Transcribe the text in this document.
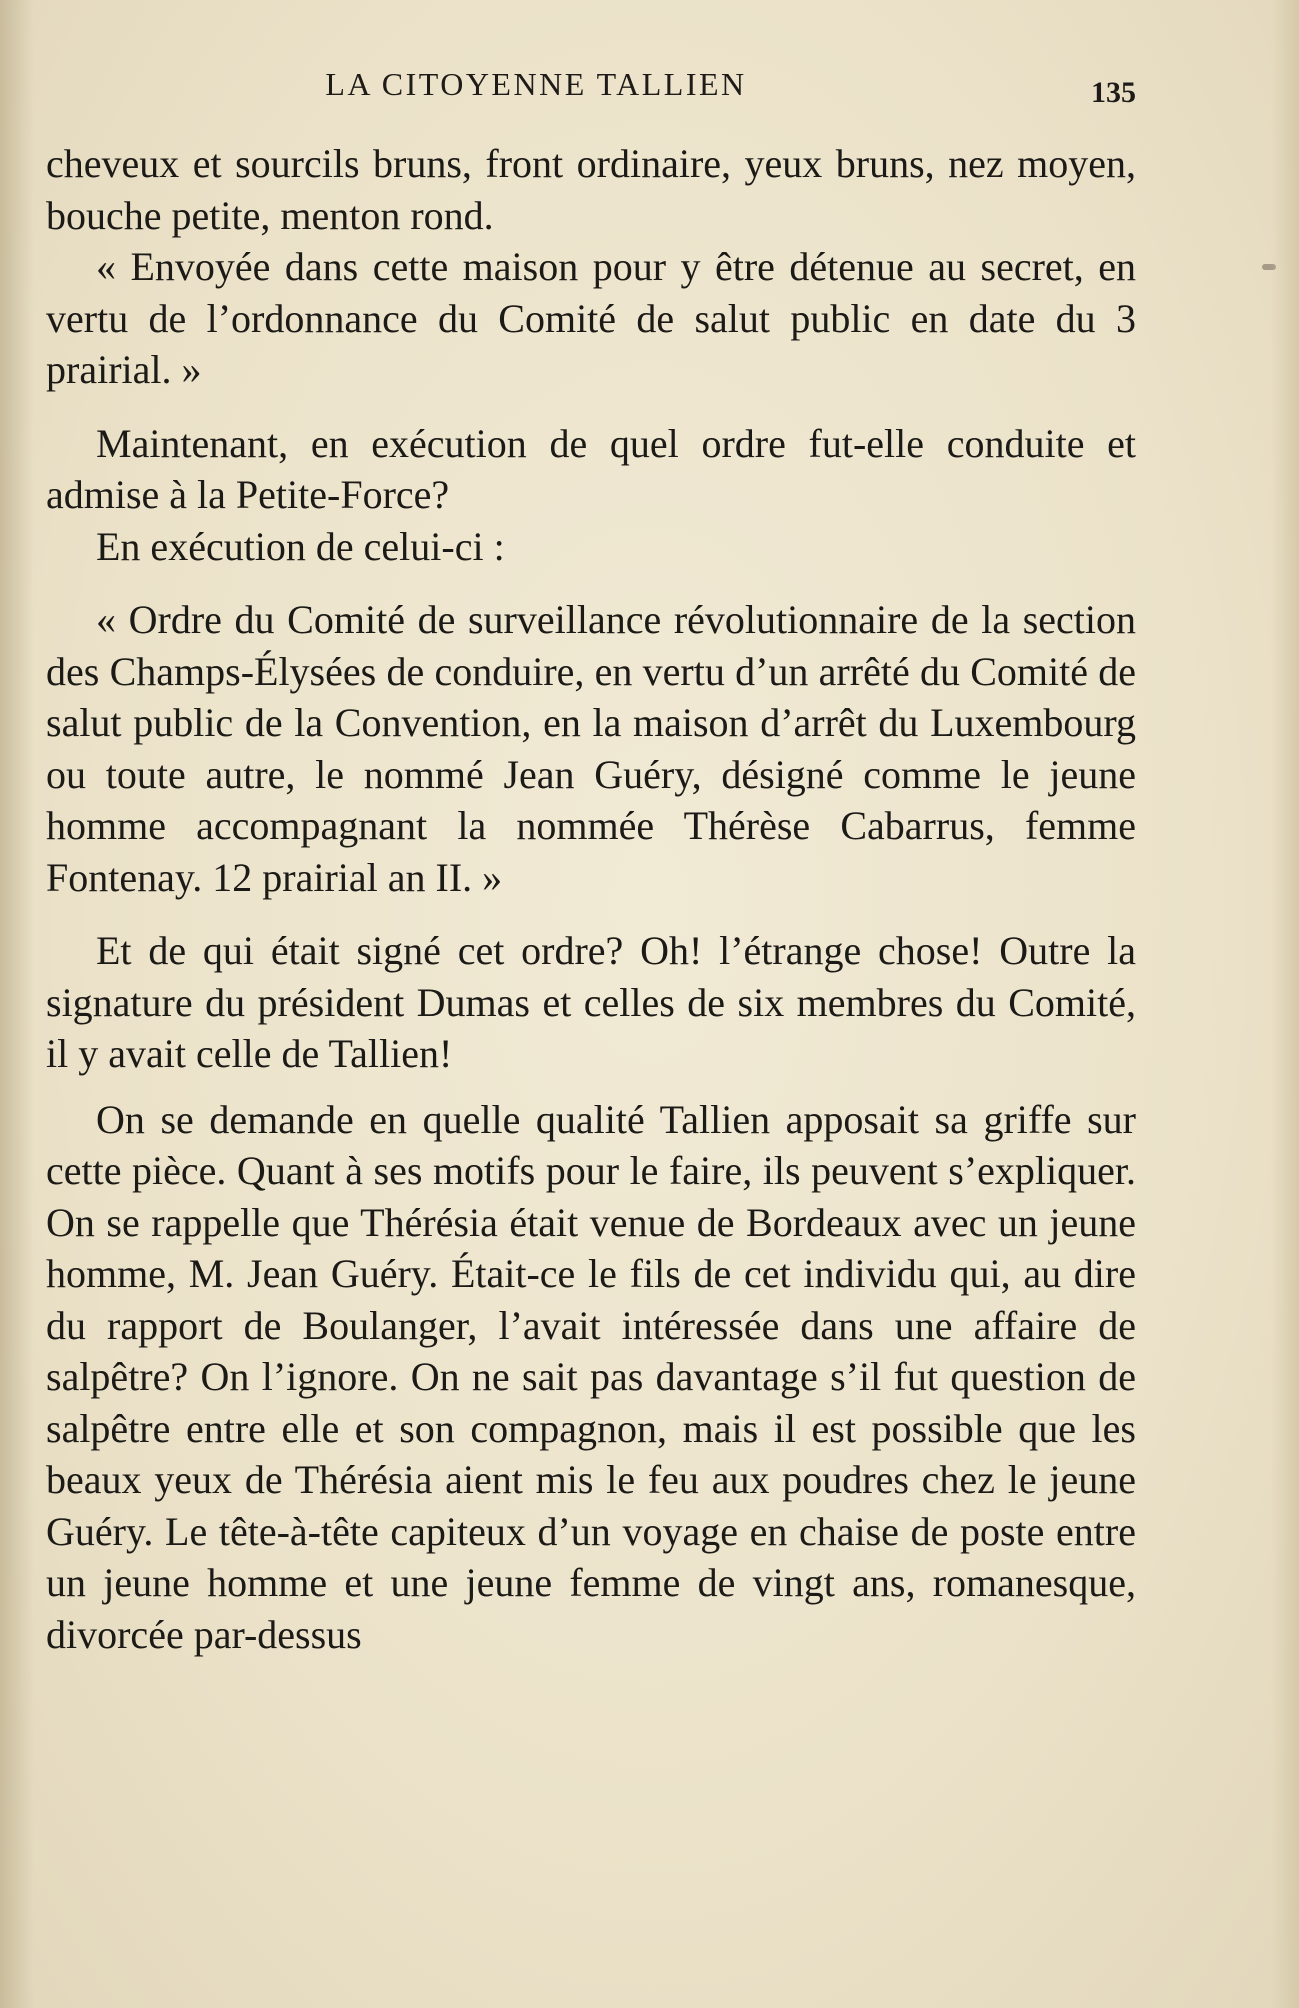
LA CITOYENNE TALLIEN	135

cheveux et sourcils bruns, front ordinaire, yeux bruns, nez moyen, bouche petite, menton rond.

« Envoyée dans cette maison pour y être détenue au secret, en vertu de l’ordonnance du Comité de salut public en date du 3 prairial. »

Maintenant, en exécution de quel ordre fut-elle conduite et admise à la Petite-Force?

En exécution de celui-ci :

« Ordre du Comité de surveillance révolutionnaire de la section des Champs-Élysées de conduire, en vertu d’un arrêté du Comité de salut public de la Convention, en la maison d’arrêt du Luxembourg ou toute autre, le nommé Jean Guéry, désigné comme le jeune homme accompagnant la nommée Thérèse Cabarrus, femme Fontenay. 12 prairial an II. »

Et de qui était signé cet ordre? Oh! l’étrange chose! Outre la signature du président Dumas et celles de six membres du Comité, il y avait celle de Tallien!

On se demande en quelle qualité Tallien apposait sa griffe sur cette pièce. Quant à ses motifs pour le faire, ils peuvent s’expliquer. On se rappelle que Thérésia était venue de Bordeaux avec un jeune homme, M. Jean Guéry. Était-ce le fils de cet individu qui, au dire du rapport de Boulanger, l’avait intéressée dans une affaire de salpêtre? On l’ignore. On ne sait pas davantage s’il fut question de salpêtre entre elle et son compagnon, mais il est possible que les beaux yeux de Thérésia aient mis le feu aux poudres chez le jeune Guéry. Le tête-à-tête capiteux d’un voyage en chaise de poste entre un jeune homme et une jeune femme de vingt ans, romanesque, divorcée par-dessus
